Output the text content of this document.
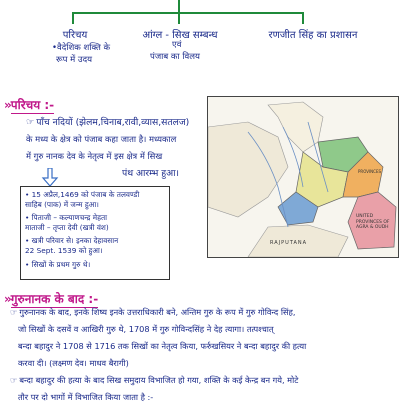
परिचय
•वैदेशिक शक्ति के
रूप में उदय
आंग्ल - सिख सम्बन्ध
एवं
पंजाब का विलय
रणजीत सिंह का प्रशासन
» परिचय :-
☞ पाँच नदियों (झेलम,चिनाब,रावी,व्यास,सतलज)
के मध्य के क्षेत्र को पंजाब कहा जाता है। मध्यकाल
में गुरु नानक देव के नेतृत्व में इस क्षेत्र में सिख
पंथ आरम्भ हुआ।
• 15 अप्रैल,1469 को पंजाब के तलवण्डी
साहिब (पाक) में जन्म हुआ।
• पिताजी – कल्याणचन्द्र मेहता
माताजी – तृप्ता देवी (खत्री वंश)
• खत्री परिवार से। इनका देहावसान
22 Sept. 1539 को हुआ।
• सिखों के प्रथम गुरु थे।
RAJPUTANA
UNITED PROVINCES OF AGRA & OUDH
PROVINCES
» गुरुनानक के बाद :-
☞ गुरुनानक के बाद, इनके शिष्य इनके उत्तराधिकारी बने, अन्तिम गुरु के रूप में गुरु गोविन्द सिंह,
जो सिखों के दसवें व आखिरी गुरु थे, 1708 में गुरु गोविन्दसिंह ने देह त्यागा। तत्पश्चात्
बन्दा बहादुर ने 1708 से 1716 तक सिखों का नेतृत्व किया, फर्रुखसियर ने बन्दा बहादुर की हत्या
करवा दी। (लक्ष्मण देव। माधव बैरागी)
☞ बन्दा बहादुर की हत्या के बाद सिख समुदाय विभाजित हो गया, शक्ति के कई केन्द्र बन गये, मोटे
तौर पर दो भागों में विभाजित किया जाता है :-
